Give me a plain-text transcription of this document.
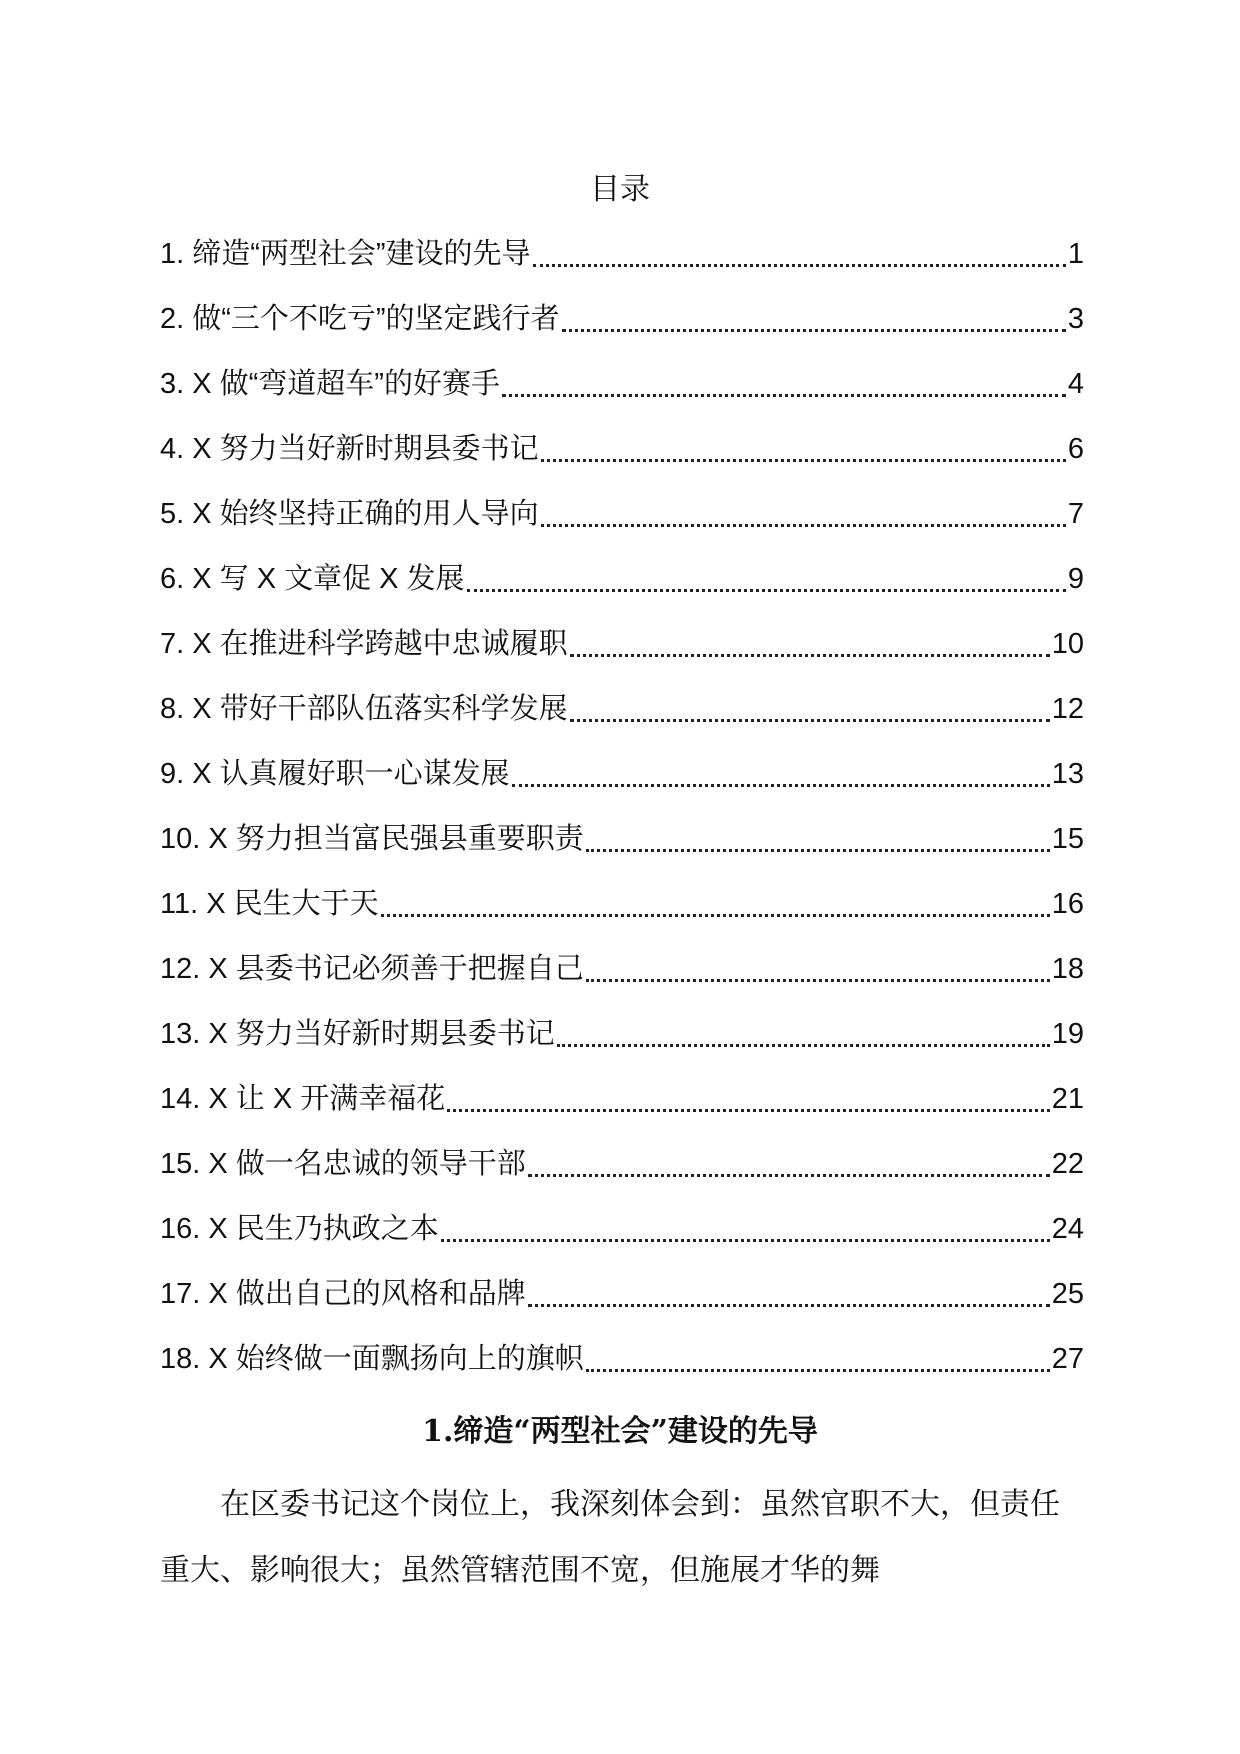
目录
1. 缔造“两型社会”建设的先导	1
2. 做“三个不吃亏”的坚定践行者	3
3. X 做“弯道超车”的好赛手	4
4. X 努力当好新时期县委书记	6
5. X 始终坚持正确的用人导向	7
6. X 写 X 文章促 X 发展	9
7. X 在推进科学跨越中忠诚履职	10
8. X 带好干部队伍落实科学发展	12
9. X 认真履好职一心谋发展	13
10. X 努力担当富民强县重要职责	15
11. X 民生大于天	16
12. X 县委书记必须善于把握自己	18
13. X 努力当好新时期县委书记	19
14. X 让 X 开满幸福花	21
15. X 做一名忠诚的领导干部	22
16. X 民生乃执政之本	24
17. X 做出自己的风格和品牌	25
18. X 始终做一面飘扬向上的旗帜	27
1.缔造“两型社会”建设的先导

在区委书记这个岗位上，我深刻体会到：虽然官职不大，但责任重大、影响很大；虽然管辖范围不宽，但施展才华的舞
